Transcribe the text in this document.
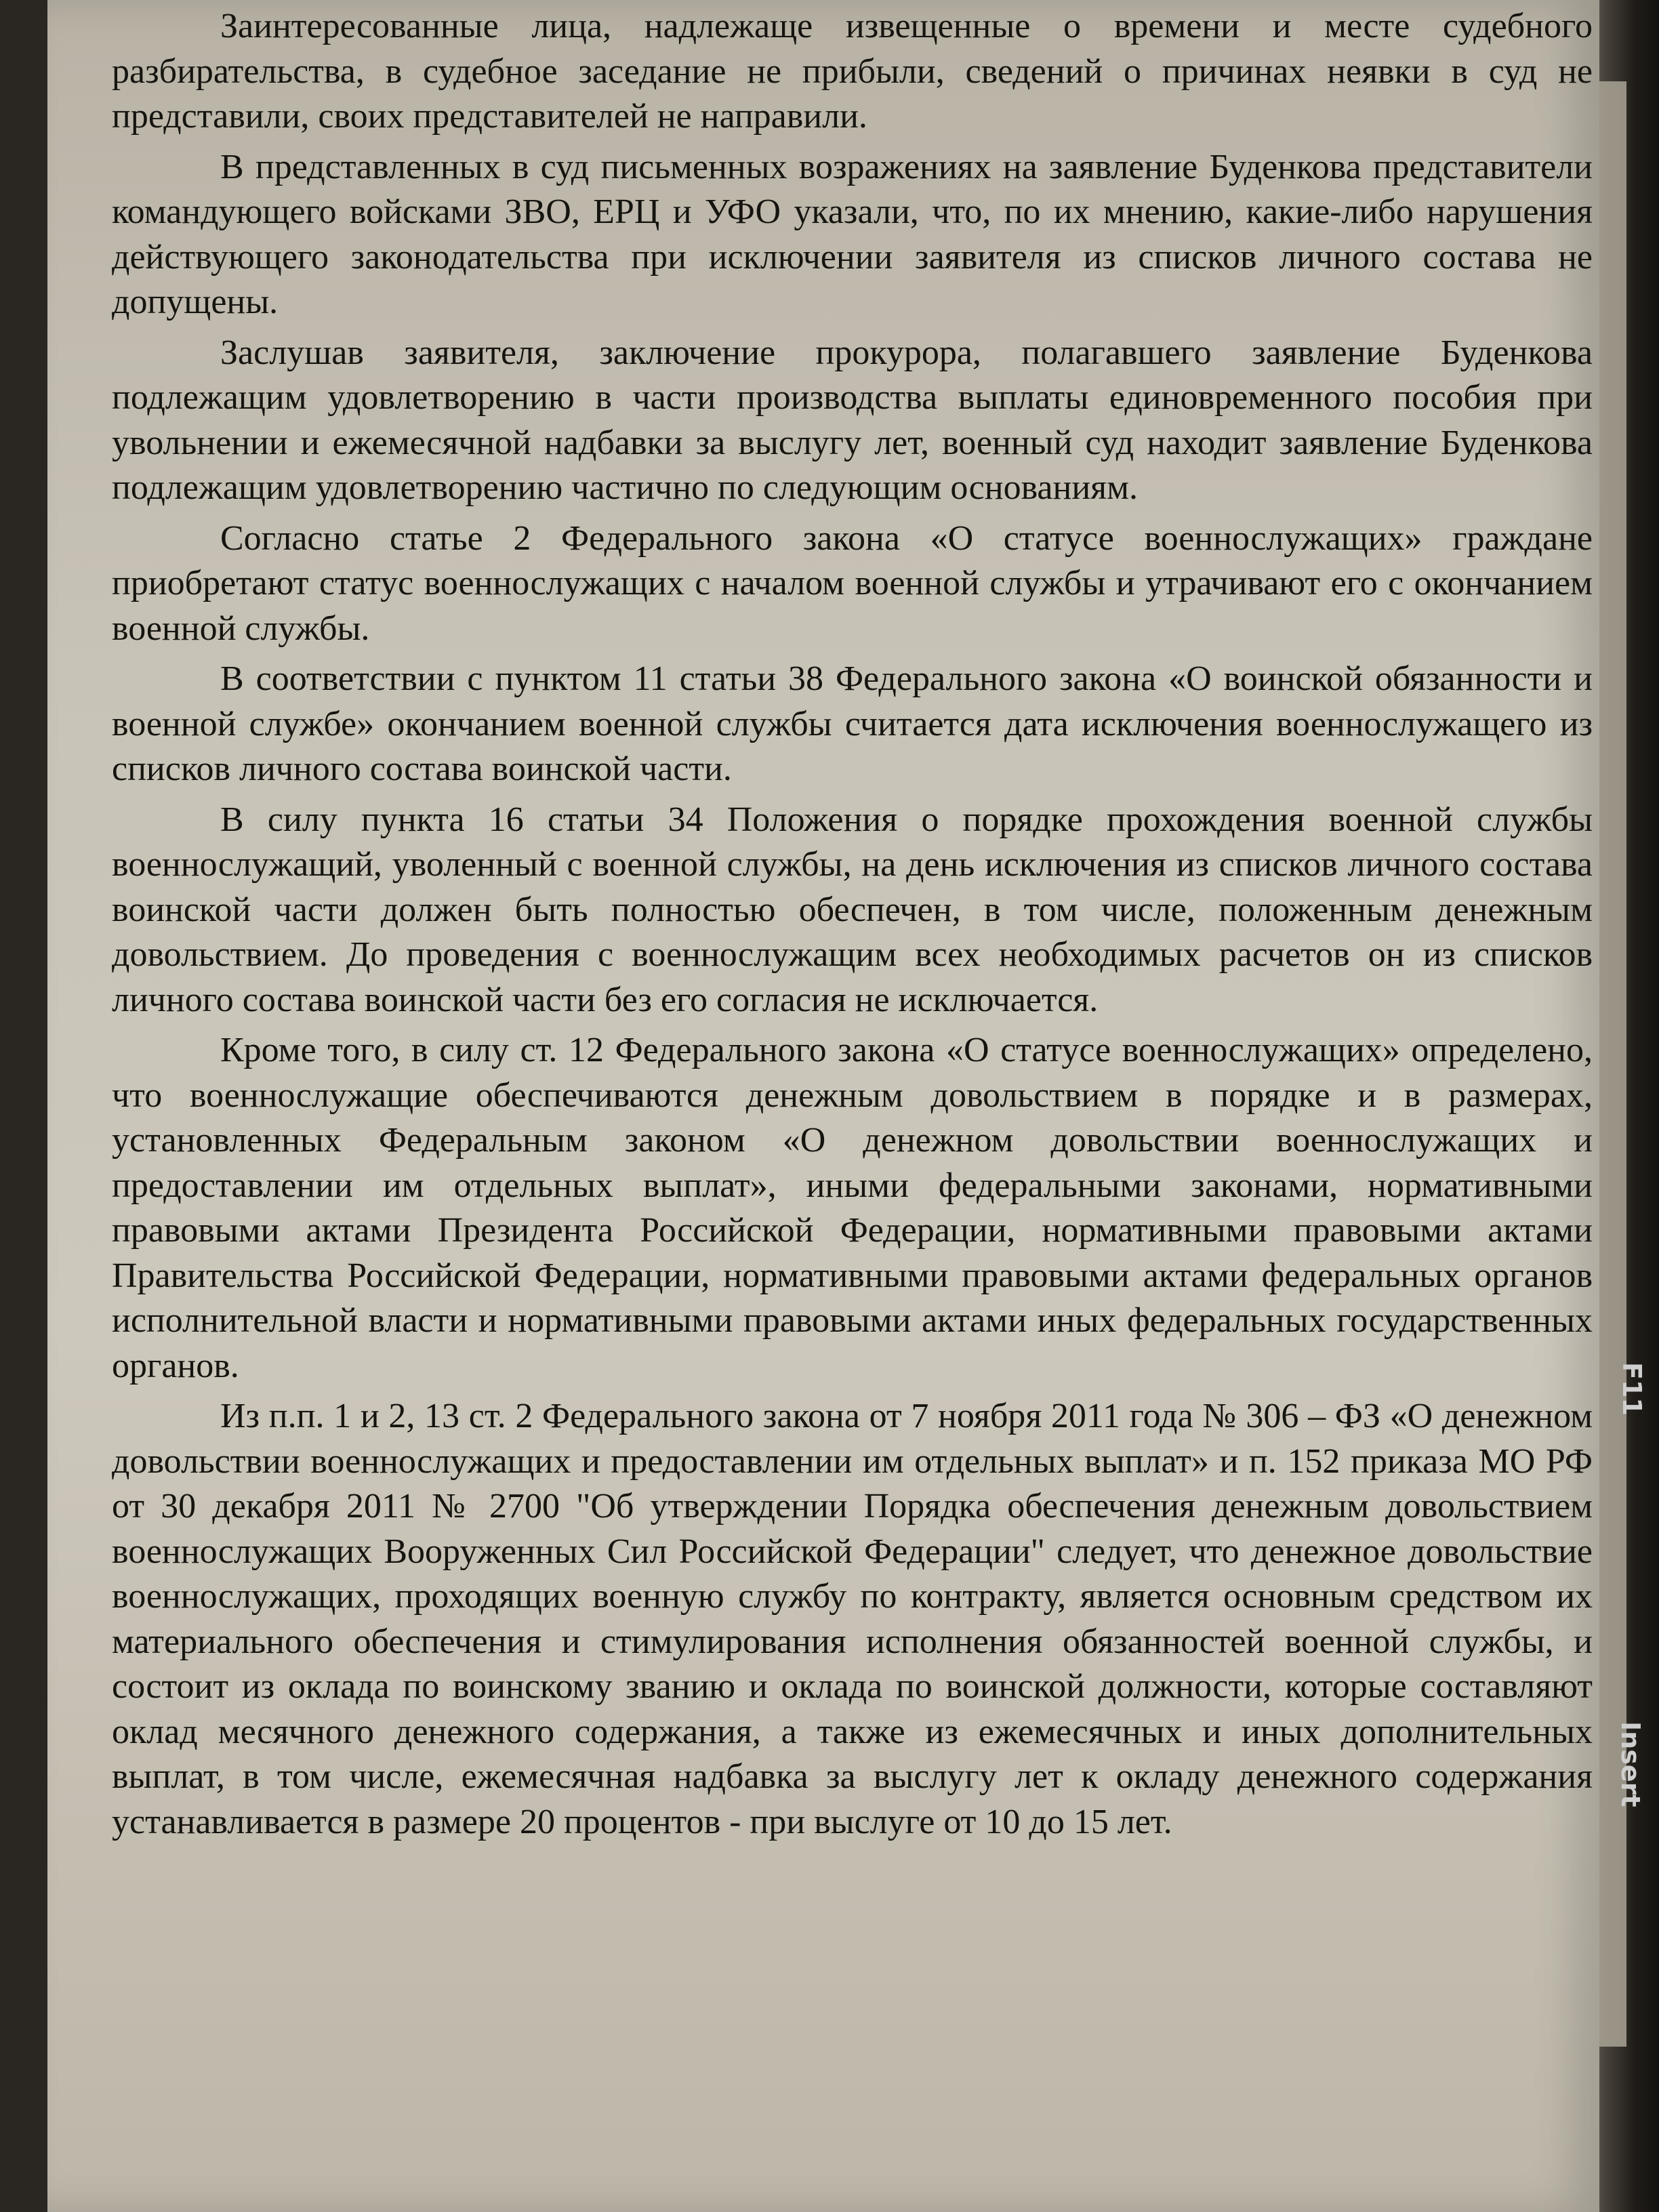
F11
Insert

Заинтересованные лица, надлежаще извещенные о времени и месте судебного разбирательства, в судебное заседание не прибыли, сведений о причинах неявки в суд не представили, своих представителей не направили.

В представленных в суд письменных возражениях на заявление Буденкова представители командующего войсками ЗВО, ЕРЦ и УФО указали, что, по их мнению, какие-либо нарушения действующего законодательства при исключении заявителя из списков личного состава не допущены.

Заслушав заявителя, заключение прокурора, полагавшего заявление Буденкова подлежащим удовлетворению в части производства выплаты единовременного пособия при увольнении и ежемесячной надбавки за выслугу лет, военный суд находит заявление Буденкова подлежащим удовлетворению частично по следующим основаниям.

Согласно статье 2 Федерального закона «О статусе военнослужащих» граждане приобретают статус военнослужащих с началом военной службы и утрачивают его с окончанием военной службы.

В соответствии с пунктом 11 статьи 38 Федерального закона «О воинской обязанности и военной службе» окончанием военной службы считается дата исключения военнослужащего из списков личного состава воинской части.

В силу пункта 16 статьи 34 Положения о порядке прохождения военной службы военнослужащий, уволенный с военной службы, на день исключения из списков личного состава воинской части должен быть полностью обеспечен, в том числе, положенным денежным довольствием. До проведения с военнослужащим всех необходимых расчетов он из списков личного состава воинской части без его согласия не исключается.

Кроме того, в силу ст. 12 Федерального закона «О статусе военнослужащих» определено, что военнослужащие обеспечиваются денежным довольствием в порядке и в размерах, установленных Федеральным законом «О денежном довольствии военнослужащих и предоставлении им отдельных выплат», иными федеральными законами, нормативными правовыми актами Президента Российской Федерации, нормативными правовыми актами Правительства Российской Федерации, нормативными правовыми актами федеральных органов исполнительной власти и нормативными правовыми актами иных федеральных государственных органов.

Из п.п. 1 и 2, 13 ст. 2 Федерального закона от 7 ноября 2011 года № 306 – ФЗ «О денежном довольствии военнослужащих и предоставлении им отдельных выплат» и п. 152 приказа МО РФ от 30 декабря 2011 № 2700 "Об утверждении Порядка обеспечения денежным довольствием военнослужащих Вооруженных Сил Российской Федерации" следует, что денежное довольствие военнослужащих, проходящих военную службу по контракту, является основным средством их материального обеспечения и стимулирования исполнения обязанностей военной службы, и состоит из оклада по воинскому званию и оклада по воинской должности, которые составляют оклад месячного денежного содержания, а также из ежемесячных и иных дополнительных выплат, в том числе, ежемесячная надбавка за выслугу лет к окладу денежного содержания устанавливается в размере 20 процентов - при выслуге от 10 до 15 лет.
